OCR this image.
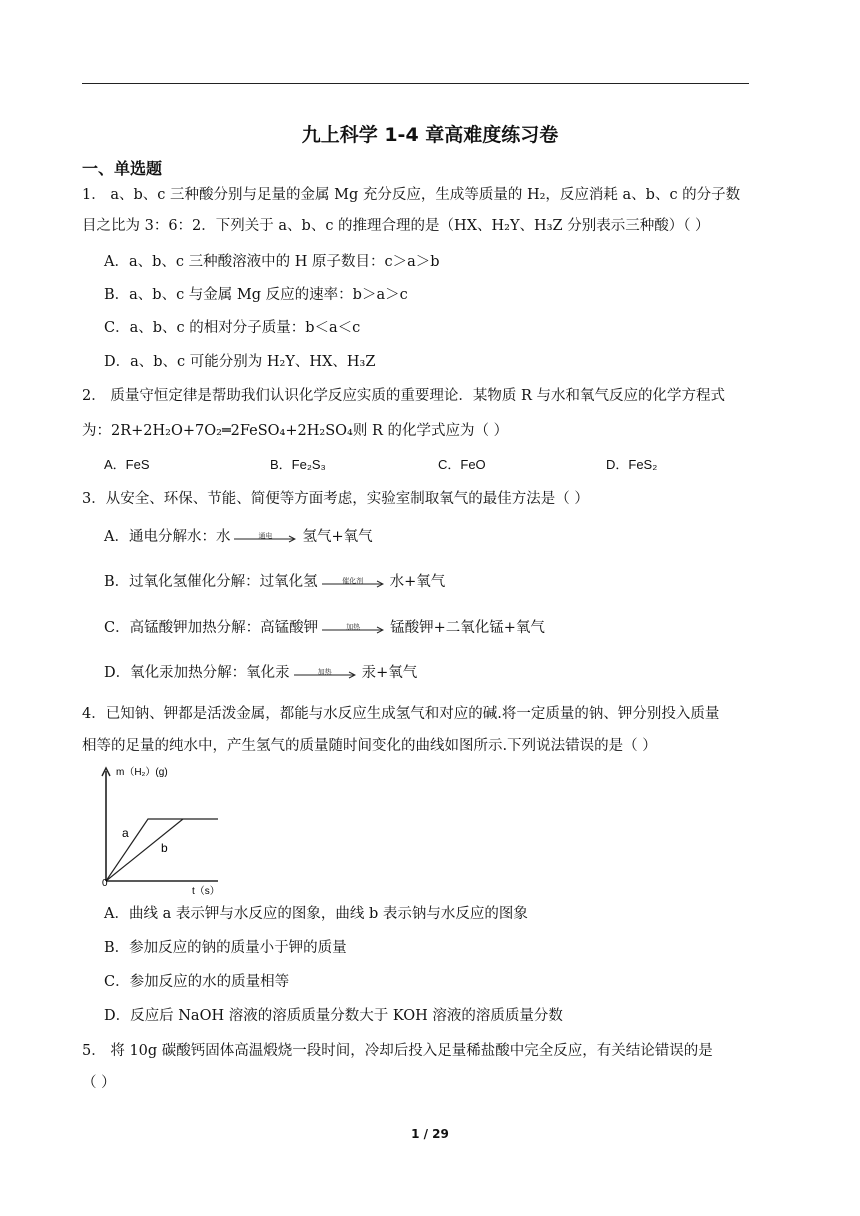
九上科学 1-4 章高难度练习卷
一、单选题
1． a、b、c 三种酸分别与足量的金属 Mg 充分反应，生成等质量的 H₂，反应消耗 a、b、c 的分子数
目之比为 3：6：2．下列关于 a、b、c 的推理合理的是（HX、H₂Y、H₃Z 分别表示三种酸）（ ）
A．a、b、c 三种酸溶液中的 H 原子数目：c＞a＞b
B．a、b、c 与金属 Mg 反应的速率：b＞a＞c
C．a、b、c 的相对分子质量：b＜a＜c
D．a、b、c 可能分别为 H₂Y、HX、H₃Z
2． 质量守恒定律是帮助我们认识化学反应实质的重要理论．某物质 R 与水和氧气反应的化学方程式
为：2R+2H₂O+7O₂═2FeSO₄+2H₂SO₄则 R 的化学式应为（ ）
A．FeS	B．Fe₂S₃	C．FeO	D．FeS₂
3．从安全、环保、节能、简便等方面考虑，实验室制取氧气的最佳方法是（ ）
A．通电分解水：水	通电	氢气+氧气
B．过氧化氢催化分解：过氧化氢	催化剂	水+氧气
C．高锰酸钾加热分解：高锰酸钾	加热	锰酸钾+二氧化锰+氧气
D．氧化汞加热分解：氧化汞	加热	汞+氧气
4．已知钠、钾都是活泼金属，都能与水反应生成氢气和对应的碱.将一定质量的钠、钾分别投入质量
相等的足量的纯水中，产生氢气的质量随时间变化的曲线如图所示.下列说法错误的是（ ）
m（H₂）(g)
t（s）
0
a
b
A．曲线 a 表示钾与水反应的图象，曲线 b 表示钠与水反应的图象
B．参加反应的钠的质量小于钾的质量
C．参加反应的水的质量相等
D．反应后 NaOH 溶液的溶质质量分数大于 KOH 溶液的溶质质量分数
5． 将 10g 碳酸钙固体高温煅烧一段时间，冷却后投入足量稀盐酸中完全反应，有关结论错误的是
（ ）
1 / 29
